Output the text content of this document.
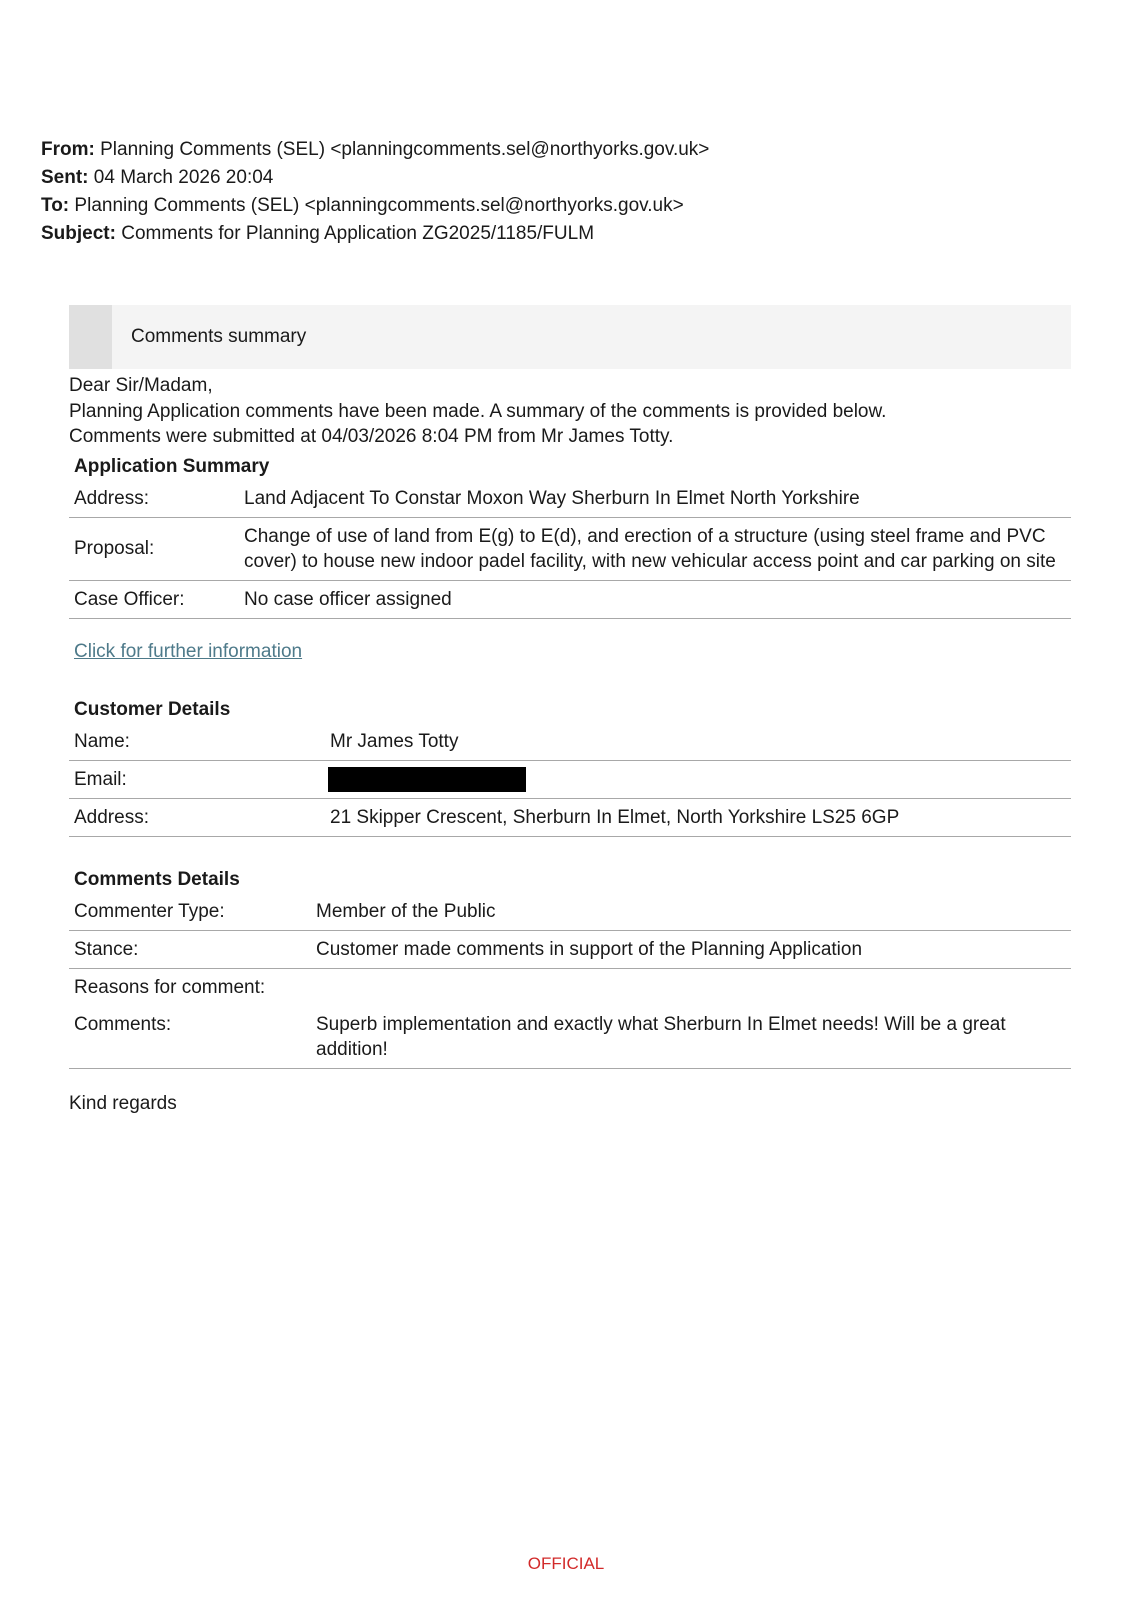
From: Planning Comments (SEL) <planningcomments.sel@northyorks.gov.uk>
Sent: 04 March 2026 20:04
To: Planning Comments (SEL) <planningcomments.sel@northyorks.gov.uk>
Subject: Comments for Planning Application ZG2025/1185/FULM
Comments summary
Dear Sir/Madam,
Planning Application comments have been made. A summary of the comments is provided below.
Comments were submitted at 04/03/2026 8:04 PM from Mr James Totty.
Application Summary
Address:	Land Adjacent To Constar Moxon Way Sherburn In Elmet North Yorkshire
Proposal:	Change of use of land from E(g) to E(d), and erection of a structure (using steel frame and PVC cover) to house new indoor padel facility, with new vehicular access point and car parking on site
Case Officer:	No case officer assigned
Click for further information
Customer Details
Name:	Mr James Totty
Email:	
Address:	21 Skipper Crescent, Sherburn In Elmet, North Yorkshire LS25 6GP
Comments Details
Commenter Type:	Member of the Public
Stance:	Customer made comments in support of the Planning Application
Reasons for comment:	
Comments:	Superb implementation and exactly what Sherburn In Elmet needs! Will be a great addition!
Kind regards
OFFICIAL
